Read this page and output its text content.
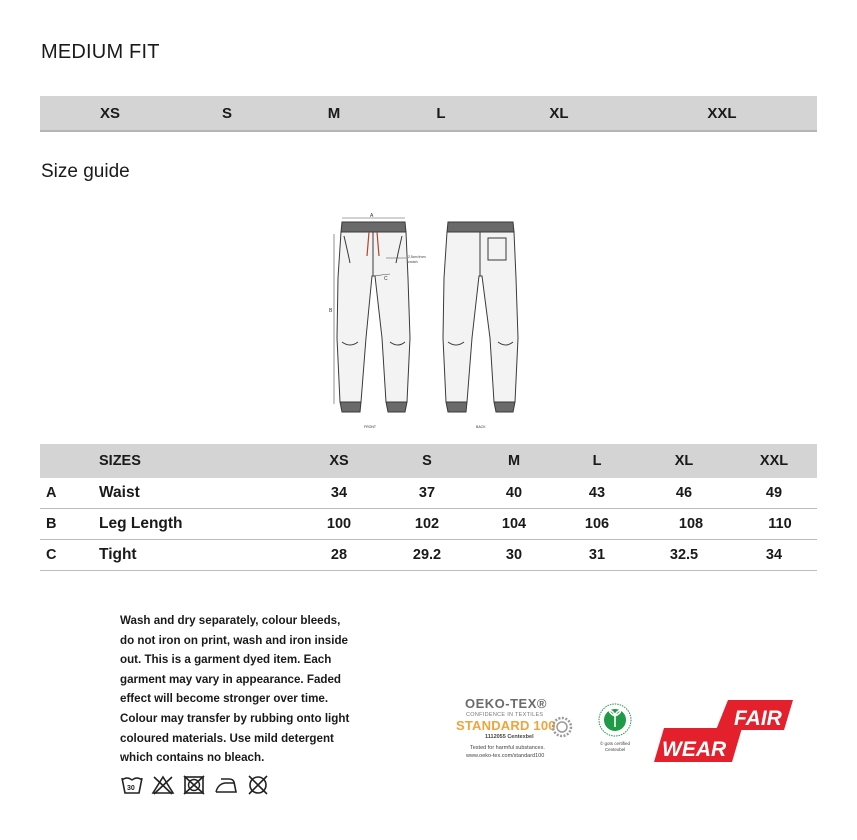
MEDIUM FIT
XS	S	M	L	XL	XXL
Size guide
A
B
C
2,5cm from
crotch
FRONT	BACK
SIZES	XS	S	M	L	XL	XXL
A	Waist	34	37	40	43	46	49
B	Leg Length	100	102	104	106	108	110
C	Tight	28	29.2	30	31	32.5	34
Wash and dry separately, colour bleeds,
do not iron on print, wash and iron inside
out. This is a garment dyed item. Each
garment may vary in appearance. Faded
effect will become stronger over time.
Colour may transfer by rubbing onto light
coloured materials. Use mild detergent
which contains no bleach.
30
OEKO-TEX®
CONFIDENCE IN TEXTILES
STANDARD 100
1112055 Centexbel
Tested for harmful substances.
www.oeko-tex.com/standard100
© gots certified
Centexbel
FAIR
WEAR
